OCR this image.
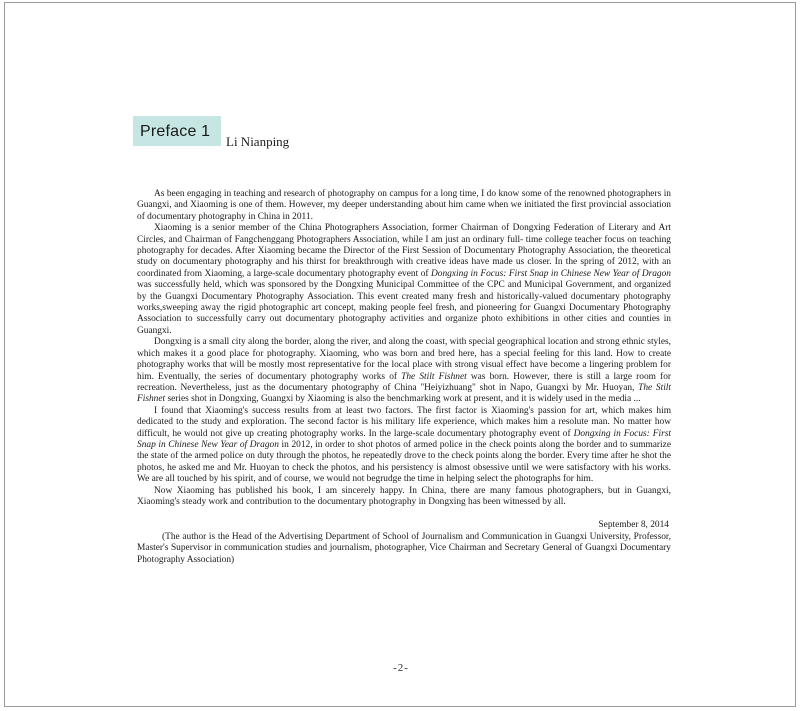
Preface 1
Li Nianping

As been engaging in teaching and research of photography on campus for a long time, I do know some of the renowned photographers in Guangxi, and Xiaoming is one of them. However, my deeper understanding about him came when we initiated the first provincial association of documentary photography in China in 2011.

Xiaoming is a senior member of the China Photographers Association, former Chairman of Dongxing Federation of Literary and Art Circles, and Chairman of Fangchenggang Photographers Association, while I am just an ordinary full- time college teacher focus on teaching photography for decades. After Xiaoming became the Director of the First Session of Documentary Photography Association, the theoretical study on documentary photography and his thirst for breakthrough with creative ideas have made us closer. In the spring of 2012, with an coordinated from Xiaoming, a large-scale documentary photography event of Dongxing in Focus: First Snap in Chinese New Year of Dragon was successfully held, which was sponsored by the Dongxing Municipal Committee of the CPC and Municipal Government, and organized by the Guangxi Documentary Photography Association. This event created many fresh and historically-valued documentary photography works,sweeping away the rigid photographic art concept, making people feel fresh, and pioneering for Guangxi Documentary Photography Association to successfully carry out documentary photography activities and organize photo exhibitions in other cities and counties in Guangxi.

Dongxing is a small city along the border, along the river, and along the coast, with special geographical location and strong ethnic styles, which makes it a good place for photography. Xiaoming, who was born and bred here, has a special feeling for this land. How to create photography works that will be mostly most representative for the local place with strong visual effect have become a lingering problem for him. Eventually, the series of documentary photography works of The Stilt Fishnet was born. However, there is still a large room for recreation. Nevertheless, just as the documentary photography of China "Heiyizhuang" shot in Napo, Guangxi by Mr. Huoyan, The Stilt Fishnet series shot in Dongxing, Guangxi by Xiaoming is also the benchmarking work at present, and it is widely used in the media ...

I found that Xiaoming's success results from at least two factors. The first factor is Xiaoming's passion for art, which makes him dedicated to the study and exploration. The second factor is his military life experience, which makes him a resolute man. No matter how difficult, he would not give up creating photography works. In the large-scale documentary photography event of Dongxing in Focus: First Snap in Chinese New Year of Dragon in 2012, in order to shot photos of armed police in the check points along the border and to summarize the state of the armed police on duty through the photos, he repeatedly drove to the check points along the border. Every time after he shot the photos, he asked me and Mr. Huoyan to check the photos, and his persistency is almost obsessive until we were satisfactory with his works. We are all touched by his spirit, and of course, we would not begrudge the time in helping select the photographs for him.

Now Xiaoming has published his book, I am sincerely happy. In China, there are many famous photographers, but in Guangxi, Xiaoming's steady work and contribution to the documentary photography in Dongxing has been witnessed by all.

September 8, 2014

(The author is the Head of the Advertising Department of School of Journalism and Communication in Guangxi University, Professor, Master's Supervisor in communication studies and journalism, photographer, Vice Chairman and Secretary General of Guangxi Documentary Photography Association)

-2-
